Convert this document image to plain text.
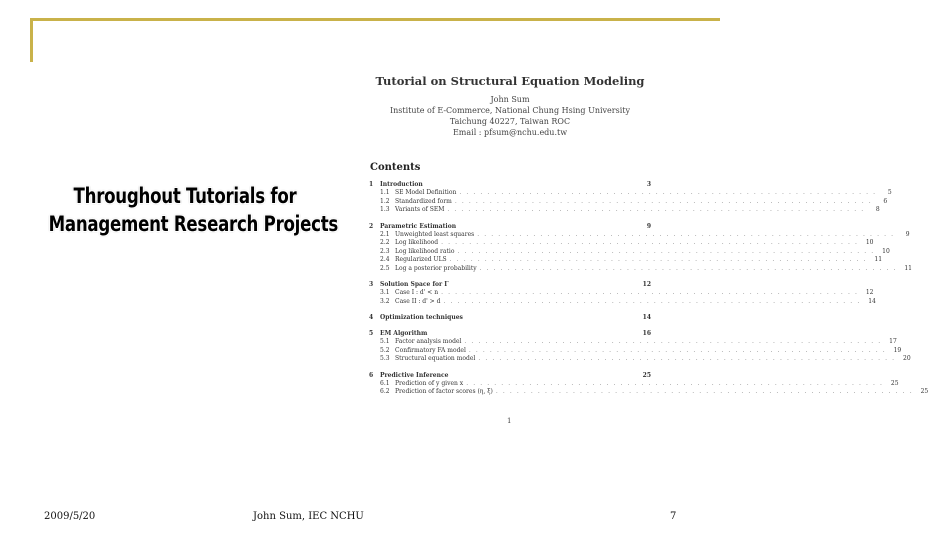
Throughout Tutorials for
Management Research Projects
Tutorial on Structural Equation Modeling
John Sum
Institute of E-Commerce, National Chung Hsing University
Taichung 40227, Taiwan ROC
Email : pfsum@nchu.edu.tw
Contents
1 Introduction	3
1.1 SE Model Definition . . . . . . . . . . . . . . . . . . . . . . . . . . . . . . . . . . . . . . . . . . . . . . . . . . . . . . . . . . . .	5
1.2 Standardized form . . . . . . . . . . . . . . . . . . . . . . . . . . . . . . . . . . . . . . . . . . . . . . . . . . . . . . . . . . . .	6
1.3 Variants of SEM . . . . . . . . . . . . . . . . . . . . . . . . . . . . . . . . . . . . . . . . . . . . . . . . . . . . . . . . . . . .	8
2 Parametric Estimation	9
2.1 Unweighted least squares . . . . . . . . . . . . . . . . . . . . . . . . . . . . . . . . . . . . . . . . . . . . . . . . . . . . . . . . . . . .	9
2.2 Log likelihood . . . . . . . . . . . . . . . . . . . . . . . . . . . . . . . . . . . . . . . . . . . . . . . . . . . . . . . . . . . .	10
2.3 Log likelihood ratio . . . . . . . . . . . . . . . . . . . . . . . . . . . . . . . . . . . . . . . . . . . . . . . . . . . . . . . . . . . .	10
2.4 Regularized ULS . . . . . . . . . . . . . . . . . . . . . . . . . . . . . . . . . . . . . . . . . . . . . . . . . . . . . . . . . . . .	11
2.5 Log a posterior probability . . . . . . . . . . . . . . . . . . . . . . . . . . . . . . . . . . . . . . . . . . . . . . . . . . . . . . . . . . . .	11
3 Solution Space for Γ	12
3.1 Case I : d' < n . . . . . . . . . . . . . . . . . . . . . . . . . . . . . . . . . . . . . . . . . . . . . . . . . . . . . . . . . . . .	12
3.2 Case II : d' > d . . . . . . . . . . . . . . . . . . . . . . . . . . . . . . . . . . . . . . . . . . . . . . . . . . . . . . . . . . . .	14
4 Optimization techniques	14
5 EM Algorithm	16
5.1 Factor analysis model . . . . . . . . . . . . . . . . . . . . . . . . . . . . . . . . . . . . . . . . . . . . . . . . . . . . . . . . . . . .	17
5.2 Confirmatory FA model . . . . . . . . . . . . . . . . . . . . . . . . . . . . . . . . . . . . . . . . . . . . . . . . . . . . . . . . . . . .	19
5.3 Structural equation model . . . . . . . . . . . . . . . . . . . . . . . . . . . . . . . . . . . . . . . . . . . . . . . . . . . . . . . . . . . .	20
6 Predictive Inference	25
6.1 Prediction of y given x . . . . . . . . . . . . . . . . . . . . . . . . . . . . . . . . . . . . . . . . . . . . . . . . . . . . . . . . . . . .	25
6.2 Prediction of factor scores (η, ξ) . . . . . . . . . . . . . . . . . . . . . . . . . . . . . . . . . . . . . . . . . . . . . . . . . . . . . . . . . . . .	25
1
2009/5/20	John Sum, IEC NCHU	7
